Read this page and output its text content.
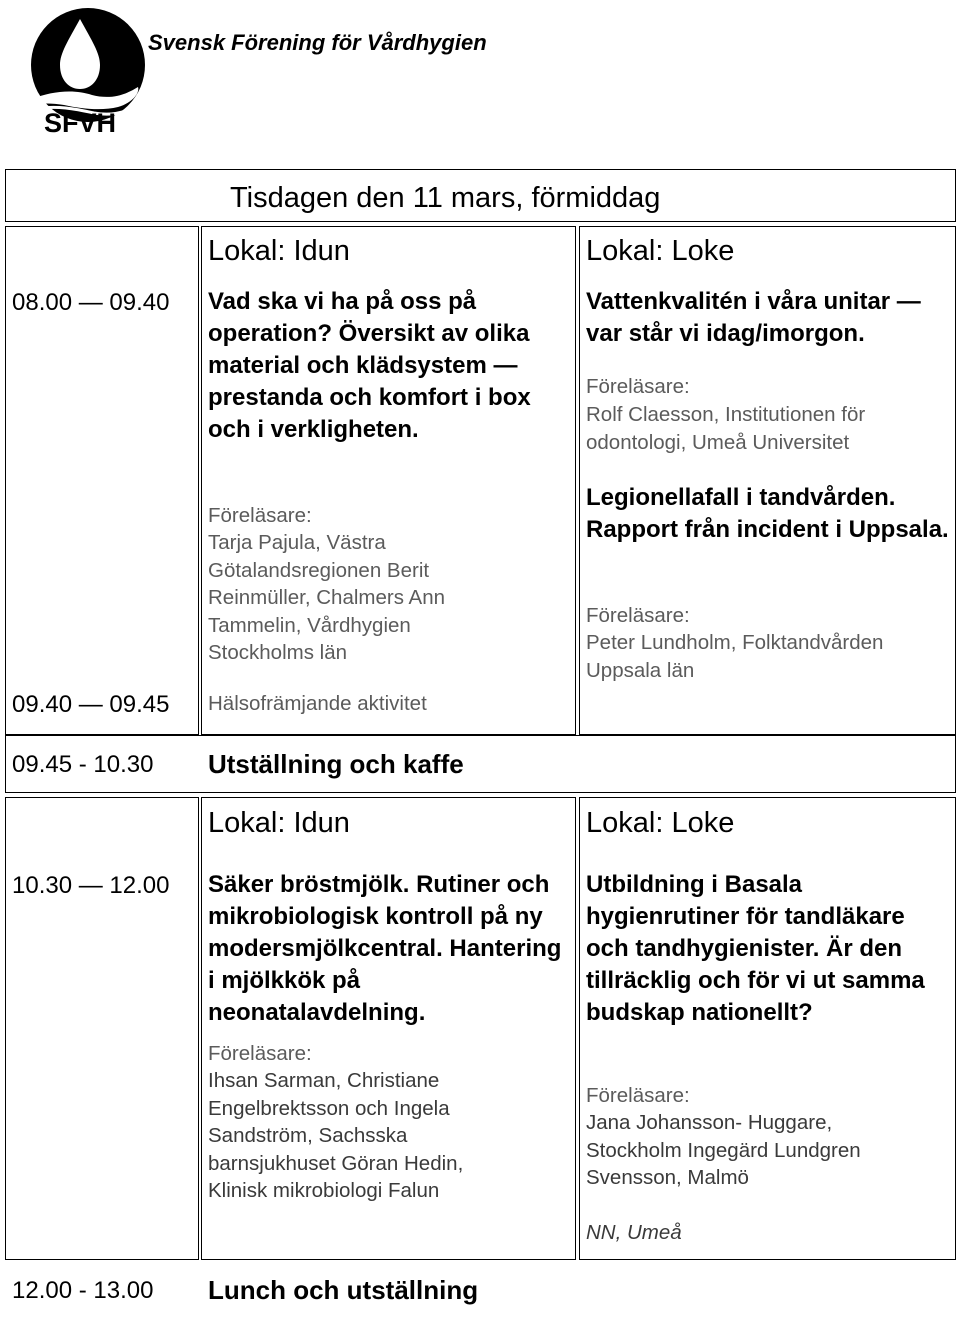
Svensk Förening för Vårdhygien
SFVH
Tisdagen den 11 mars, förmiddag
Lokal: Idun	Lokal: Loke
08.00 — 09.40 Vad ska vi ha på oss på operation? Översikt av olika material och klädsystem — prestanda och komfort i box och i verkligheten.
Föreläsare:
Tarja Pajula, Västra Götalandsregionen Berit Reinmüller, Chalmers Ann Tammelin, Vårdhygien Stockholms län
Vattenkvalitén i våra unitar — var står vi idag/imorgon.
Föreläsare:
Rolf Claesson, Institutionen för odontologi, Umeå Universitet
Legionellafall i tandvården. Rapport från incident i Uppsala.
Föreläsare:
Peter Lundholm, Folktandvården Uppsala län
09.40 — 09.45 Hälsofrämjande aktivitet
09.45 - 10.30 Utställning och kaffe
Lokal: Idun	Lokal: Loke
10.30 — 12.00 Säker bröstmjölk. Rutiner och mikrobiologisk kontroll på ny modersmjölkcentral. Hantering i mjölkkök på neonatalavdelning.
Föreläsare:
Ihsan Sarman, Christiane Engelbrektsson och Ingela Sandström, Sachsska barnsjukhuset Göran Hedin, Klinisk mikrobiologi Falun
Utbildning i Basala hygienrutiner för tandläkare och tandhygienister. Är den tillräcklig och för vi ut samma budskap nationellt?
Föreläsare:
Jana Johansson- Huggare, Stockholm Ingegärd Lundgren Svensson, Malmö
NN, Umeå
12.00 - 13.00 Lunch och utställning
